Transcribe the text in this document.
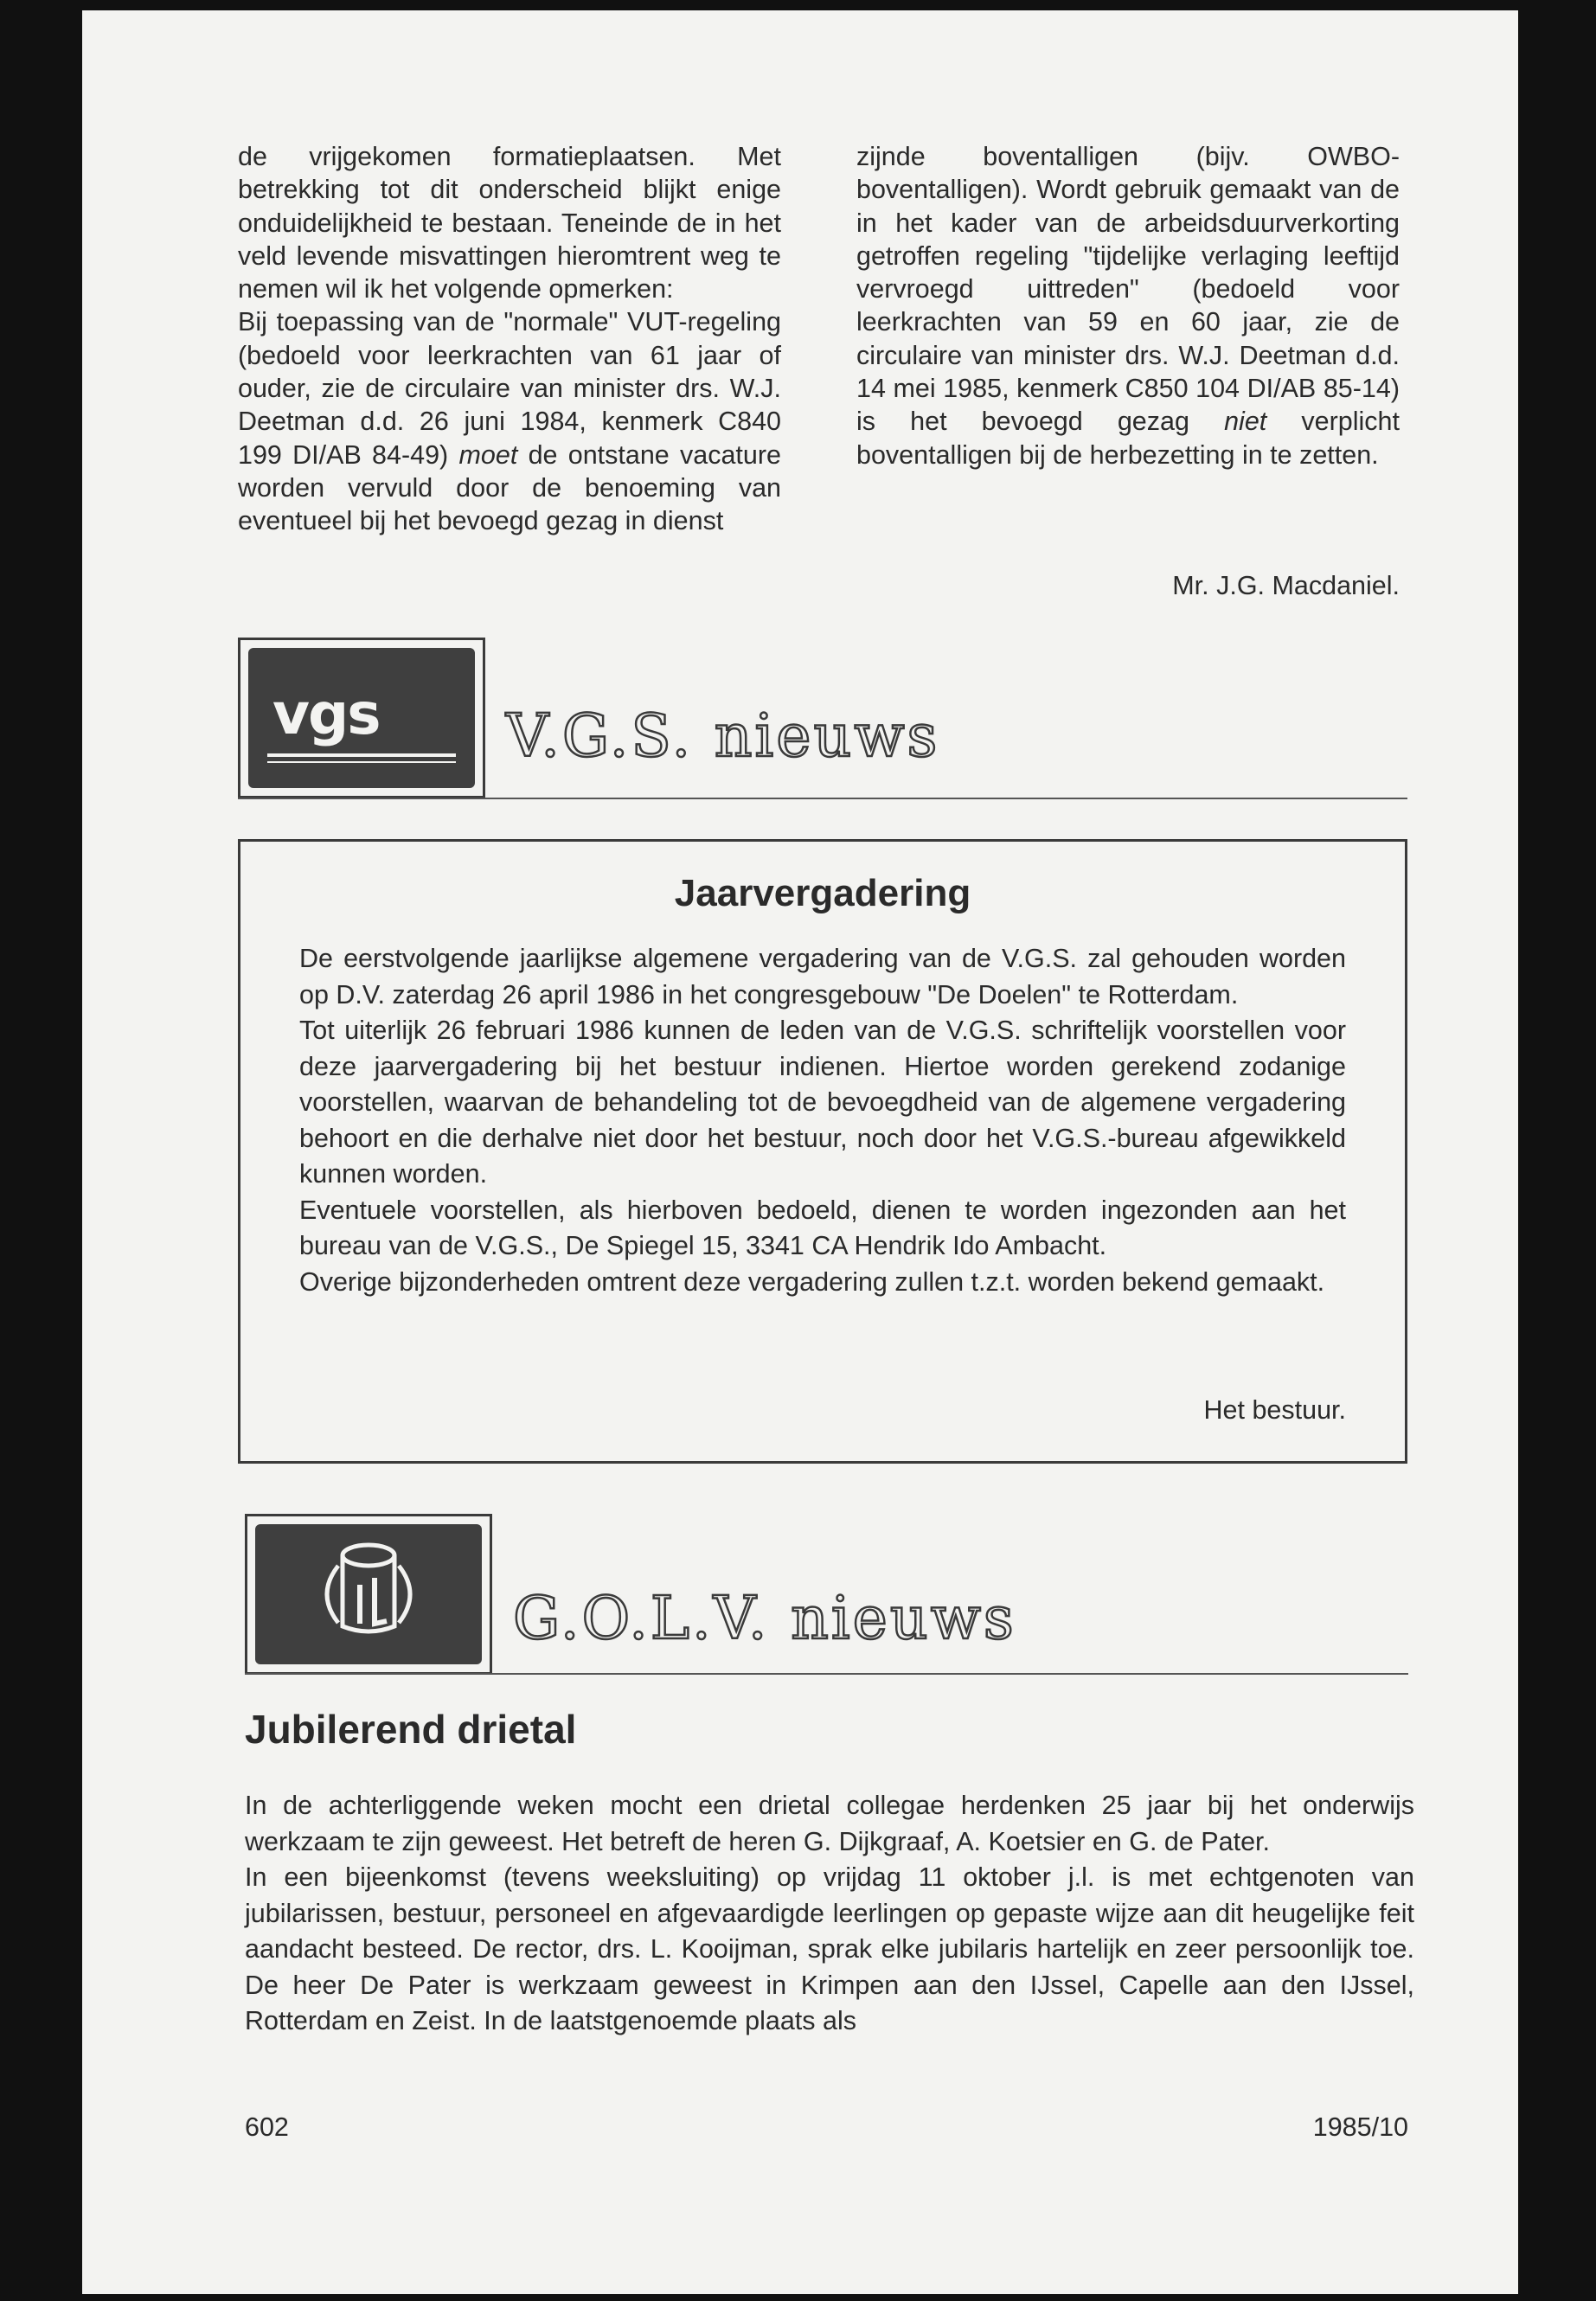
de vrijgekomen formatieplaatsen. Met betrekking tot dit onderscheid blijkt enige onduidelijkheid te bestaan. Teneinde de in het veld levende misvattingen hieromtrent weg te nemen wil ik het volgende opmerken:

Bij toepassing van de "normale" VUT-regeling (bedoeld voor leerkrachten van 61 jaar of ouder, zie de circulaire van minister drs. W.J. Deetman d.d. 26 juni 1984, kenmerk C840 199 DI/AB 84-49) moet de ontstane vacature worden vervuld door de benoeming van eventueel bij het bevoegd gezag in dienst

zijnde boventalligen (bijv. OWBO-boventalligen). Wordt gebruik gemaakt van de in het kader van de arbeidsduurverkorting getroffen regeling "tijdelijke verlaging leeftijd vervroegd uittreden" (bedoeld voor leerkrachten van 59 en 60 jaar, zie de circulaire van minister drs. W.J. Deetman d.d. 14 mei 1985, kenmerk C850 104 DI/AB 85-14) is het bevoegd gezag niet verplicht boventalligen bij de herbezetting in te zetten.

Mr. J.G. Macdaniel.
vgs V.G.S. nieuws
Jaarvergadering

De eerstvolgende jaarlijkse algemene vergadering van de V.G.S. zal gehouden worden op D.V. zaterdag 26 april 1986 in het congresgebouw "De Doelen" te Rotterdam.

Tot uiterlijk 26 februari 1986 kunnen de leden van de V.G.S. schriftelijk voorstellen voor deze jaarvergadering bij het bestuur indienen. Hiertoe worden gerekend zodanige voorstellen, waarvan de behandeling tot de bevoegdheid van de algemene vergadering behoort en die derhalve niet door het bestuur, noch door het V.G.S.-bureau afgewikkeld kunnen worden.

Eventuele voorstellen, als hierboven bedoeld, dienen te worden ingezonden aan het bureau van de V.G.S., De Spiegel 15, 3341 CA Hendrik Ido Ambacht.

Overige bijzonderheden omtrent deze vergadering zullen t.z.t. worden bekend gemaakt.

Het bestuur.
G.O.L.V. nieuws
Jubilerend drietal

In de achterliggende weken mocht een drietal collegae herdenken 25 jaar bij het onderwijs werkzaam te zijn geweest. Het betreft de heren G. Dijkgraaf, A. Koetsier en G. de Pater.

In een bijeenkomst (tevens weeksluiting) op vrijdag 11 oktober j.l. is met echtgenoten van jubilarissen, bestuur, personeel en afgevaardigde leerlingen op gepaste wijze aan dit heugelijke feit aandacht besteed. De rector, drs. L. Kooijman, sprak elke jubilaris hartelijk en zeer persoonlijk toe. De heer De Pater is werkzaam geweest in Krimpen aan den IJssel, Capelle aan den IJssel, Rotterdam en Zeist. In de laatstgenoemde plaats als

602	1985/10
